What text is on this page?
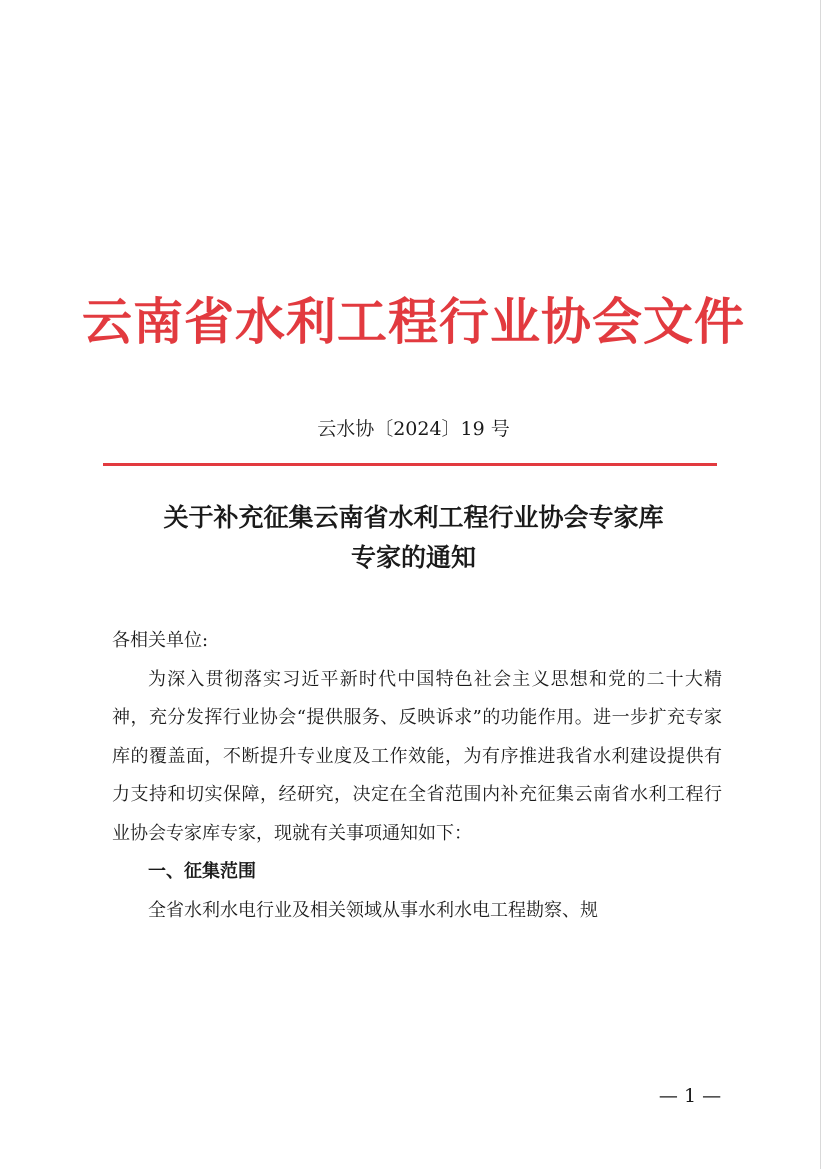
云南省水利工程行业协会文件
云水协〔2024〕19 号
关于补充征集云南省水利工程行业协会专家库
专家的通知

各相关单位:

为深入贯彻落实习近平新时代中国特色社会主义思想和党的二十大精神，充分发挥行业协会“提供服务、反映诉求”的功能作用。进一步扩充专家库的覆盖面，不断提升专业度及工作效能，为有序推进我省水利建设提供有力支持和切实保障，经研究，决定在全省范围内补充征集云南省水利工程行业协会专家库专家，现就有关事项通知如下：

一、征集范围

全省水利水电行业及相关领域从事水利水电工程勘察、规

— 1 —
